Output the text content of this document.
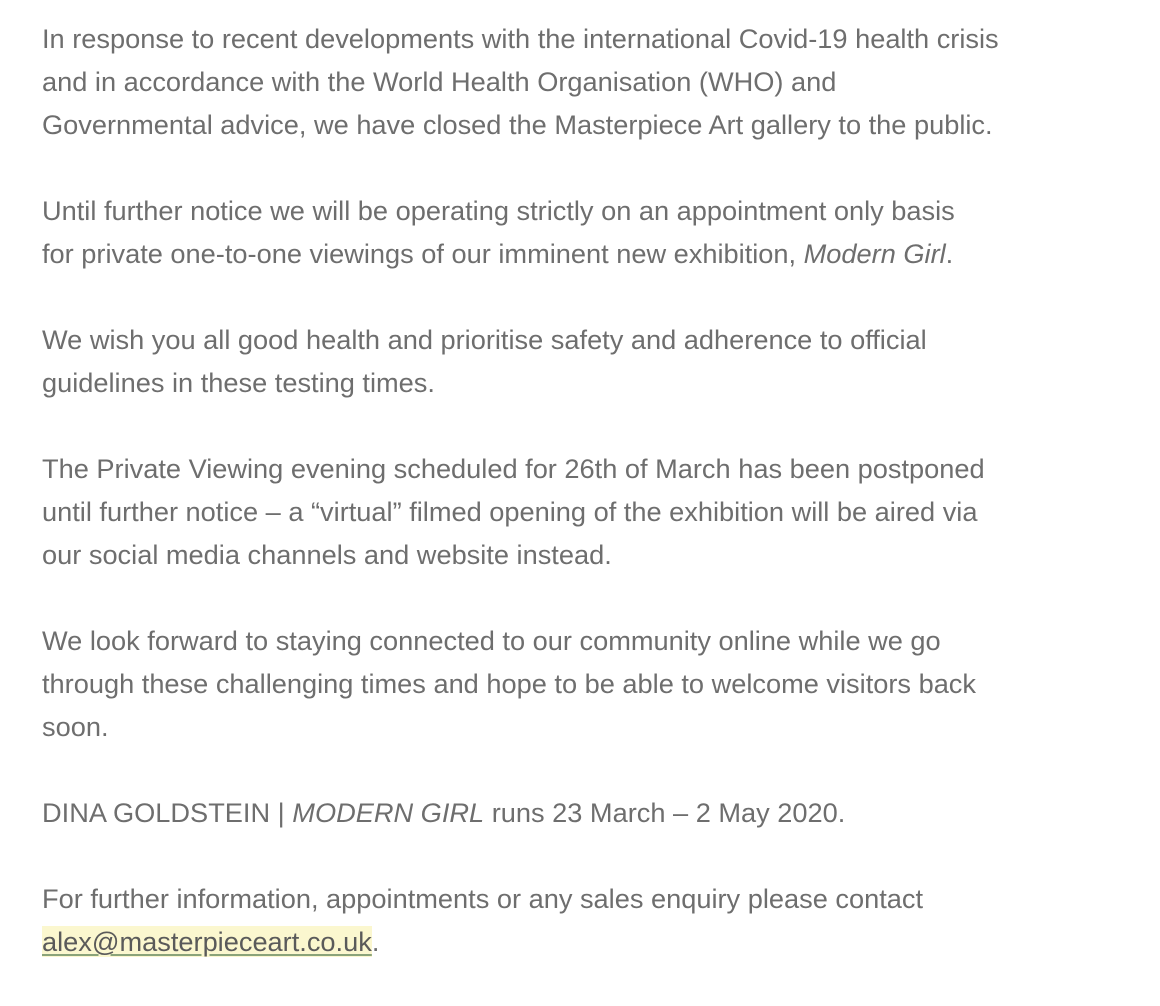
In response to recent developments with the international Covid-19 health crisis
and in accordance with the World Health Organisation (WHO) and
Governmental advice, we have closed the Masterpiece Art gallery to the public.

Until further notice we will be operating strictly on an appointment only basis
for private one-to-one viewings of our imminent new exhibition, Modern Girl.

We wish you all good health and prioritise safety and adherence to official
guidelines in these testing times.

The Private Viewing evening scheduled for 26th of March has been postponed
until further notice – a “virtual” filmed opening of the exhibition will be aired via
our social media channels and website instead.

We look forward to staying connected to our community online while we go
through these challenging times and hope to be able to welcome visitors back
soon.

DINA GOLDSTEIN | MODERN GIRL runs 23 March – 2 May 2020.

For further information, appointments or any sales enquiry please contact
alex@masterpieceart.co.uk.
